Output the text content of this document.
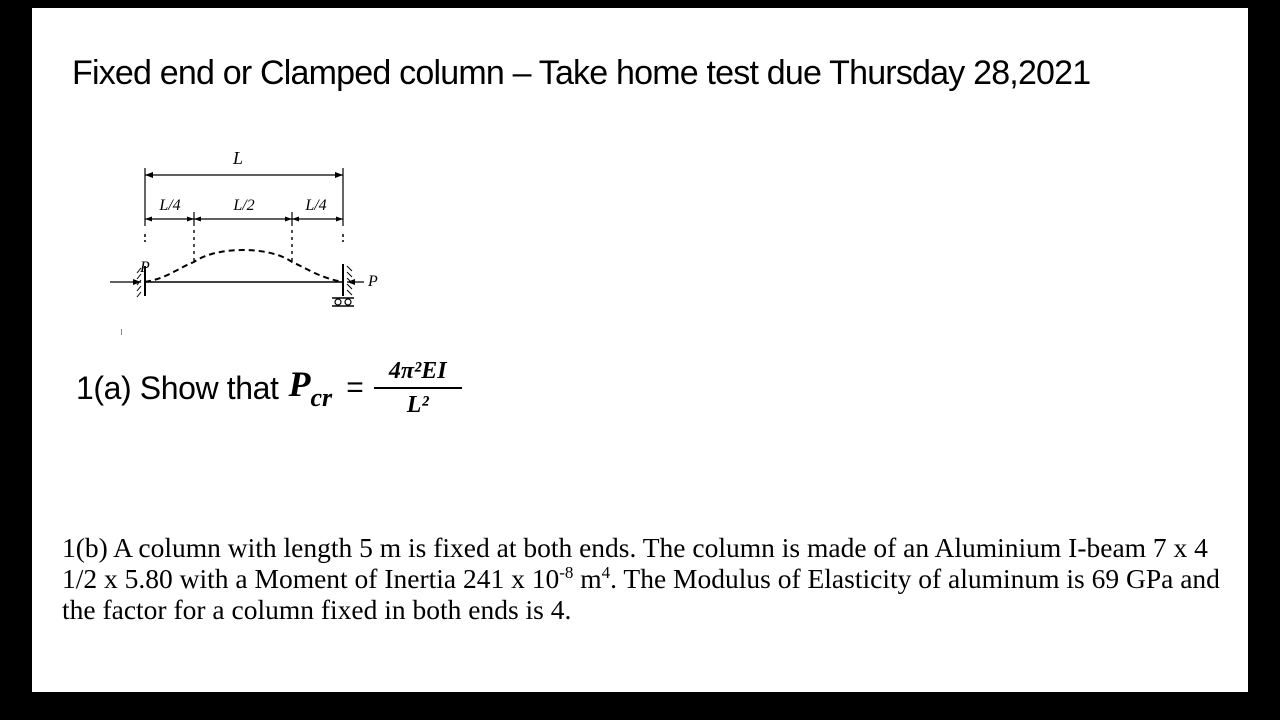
Fixed end or Clamped column – Take home test due Thursday 28,2021
L
L/4	L/2	L/4
P
P
ı
1(a) Show that $P_{cr} = \frac{\text{4π²EI}}{\text{L²}}$
1(b) A column with length 5 m is fixed at both ends. The column is made of an Aluminium I-beam 7 x 4 1/2 x 5.80 with a Moment of Inertia 241 x $10^{-8}$ $m^4$. The Modulus of Elasticity of aluminum is 69 GPa and the factor for a column fixed in both ends is 4.
